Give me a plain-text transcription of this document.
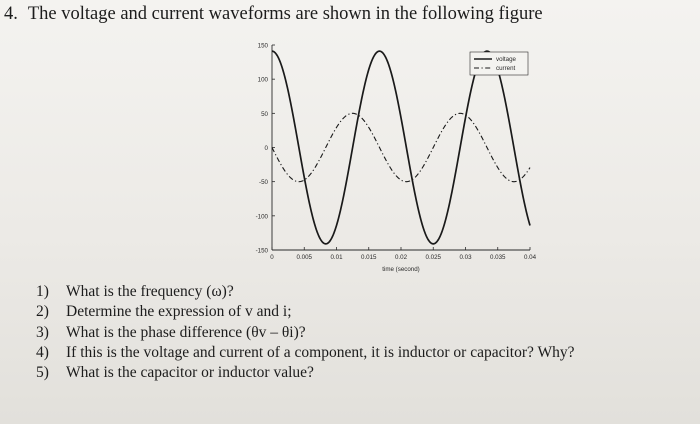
4. The voltage and current waveforms are shown in the following figure
150
100
50
0
-50
-100
-150
0	0.005	0.01	0.015	0.02	0.025	0.03	0.035	0.04
time (second)
voltage
current
1) What is the frequency (ω)?
2) Determine the expression of v and i;
3) What is the phase difference (θv – θi)?
4) If this is the voltage and current of a component, it is inductor or capacitor? Why?
5) What is the capacitor or inductor value?
